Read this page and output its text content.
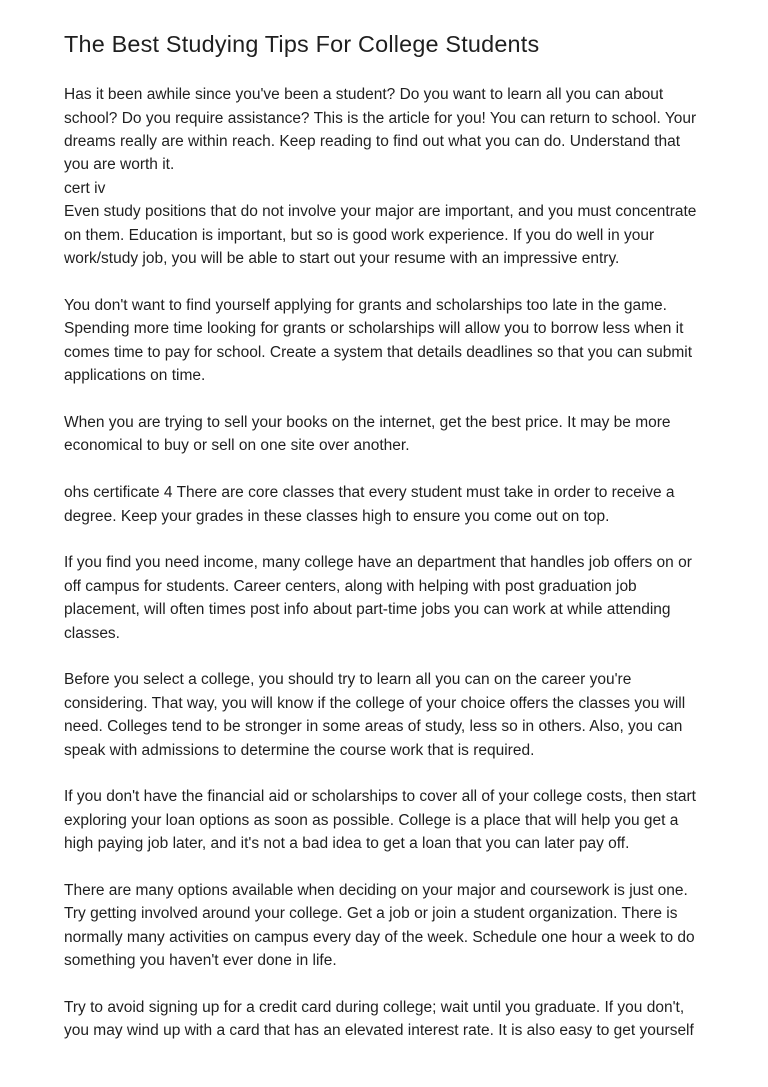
The Best Studying Tips For College Students

Has it been awhile since you've been a student? Do you want to learn all you can about school? Do you require assistance? This is the article for you! You can return to school. Your dreams really are within reach. Keep reading to find out what you can do. Understand that you are worth it.

cert iv

Even study positions that do not involve your major are important, and you must concentrate on them. Education is important, but so is good work experience. If you do well in your work/study job, you will be able to start out your resume with an impressive entry.

You don't want to find yourself applying for grants and scholarships too late in the game. Spending more time looking for grants or scholarships will allow you to borrow less when it comes time to pay for school. Create a system that details deadlines so that you can submit applications on time.

When you are trying to sell your books on the internet, get the best price. It may be more economical to buy or sell on one site over another.

ohs certificate 4 There are core classes that every student must take in order to receive a degree. Keep your grades in these classes high to ensure you come out on top.

If you find you need income, many college have an department that handles job offers on or off campus for students. Career centers, along with helping with post graduation job placement, will often times post info about part-time jobs you can work at while attending classes.

Before you select a college, you should try to learn all you can on the career you're considering. That way, you will know if the college of your choice offers the classes you will need. Colleges tend to be stronger in some areas of study, less so in others. Also, you can speak with admissions to determine the course work that is required.

If you don't have the financial aid or scholarships to cover all of your college costs, then start exploring your loan options as soon as possible. College is a place that will help you get a high paying job later, and it's not a bad idea to get a loan that you can later pay off.

There are many options available when deciding on your major and coursework is just one. Try getting involved around your college. Get a job or join a student organization. There is normally many activities on campus every day of the week. Schedule one hour a week to do something you haven't ever done in life.

Try to avoid signing up for a credit card during college; wait until you graduate. If you don't, you may wind up with a card that has an elevated interest rate. It is also easy to get yourself
